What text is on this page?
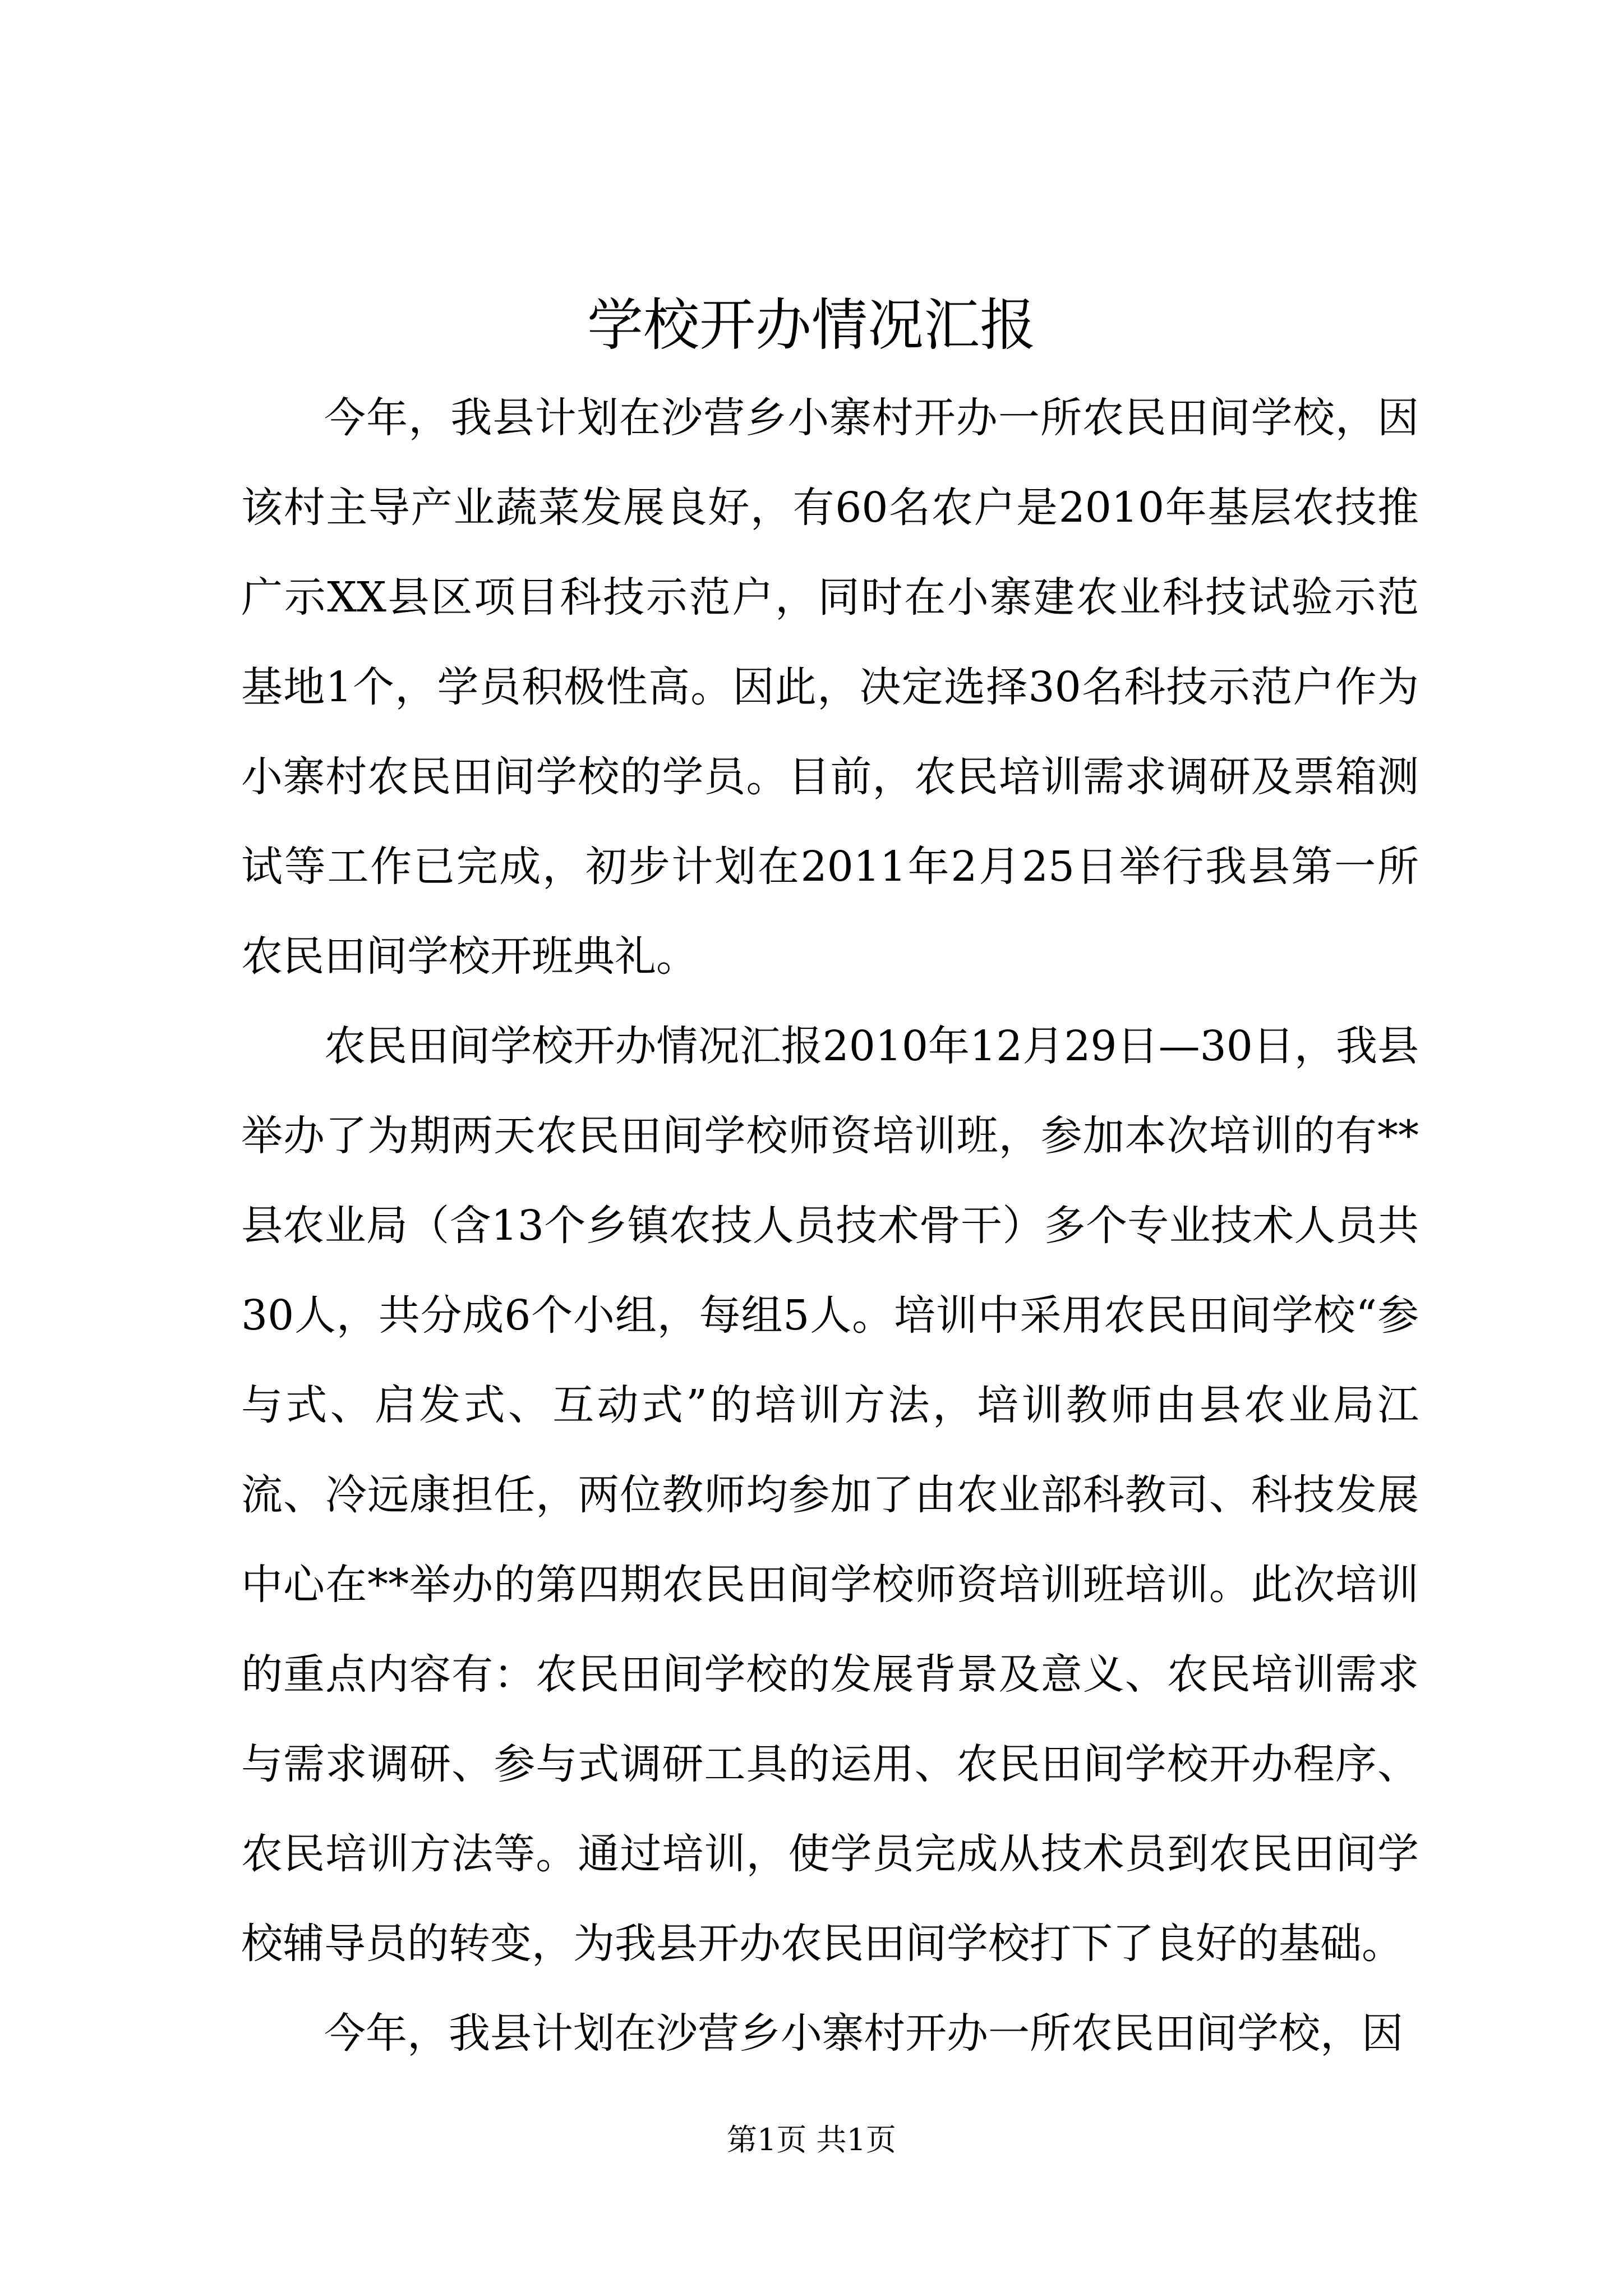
学校开办情况汇报

今年，我县计划在沙营乡小寨村开办一所农民田间学校，因该村主导产业蔬菜发展良好，有60名农户是2010年基层农技推广示XX县区项目科技示范户，同时在小寨建农业科技试验示范基地1个，学员积极性高。因此，决定选择30名科技示范户作为小寨村农民田间学校的学员。目前，农民培训需求调研及票箱测试等工作已完成，初步计划在2011年2月25日举行我县第一所农民田间学校开班典礼。

农民田间学校开办情况汇报2010年12月29日—30日，我县举办了为期两天农民田间学校师资培训班，参加本次培训的有**县农业局（含13个乡镇农技人员技术骨干）多个专业技术人员共30人，共分成6个小组，每组5人。培训中采用农民田间学校“参与式、启发式、互动式”的培训方法，培训教师由县农业局江流、冷远康担任，两位教师均参加了由农业部科教司、科技发展中心在**举办的第四期农民田间学校师资培训班培训。此次培训的重点内容有：农民田间学校的发展背景及意义、农民培训需求与需求调研、参与式调研工具的运用、农民田间学校开办程序、农民培训方法等。通过培训，使学员完成从技术员到农民田间学校辅导员的转变，为我县开办农民田间学校打下了良好的基础。

今年，我县计划在沙营乡小寨村开办一所农民田间学校，因

第1页 共1页
